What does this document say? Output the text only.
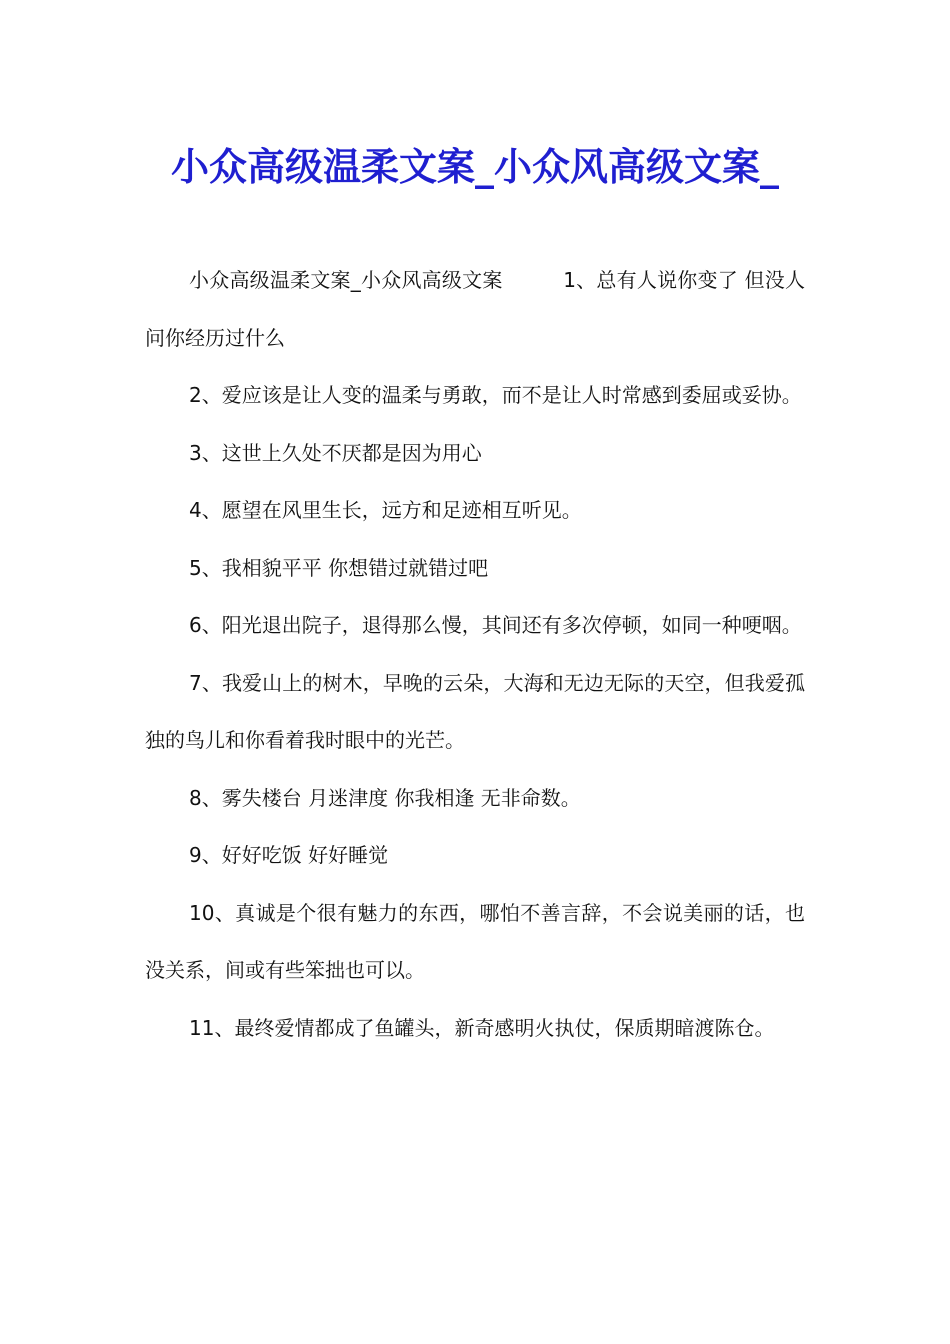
小众高级温柔文案_小众风高级文案_

小众高级温柔文案_小众风高级文案　　　1、总有人说你变了 但没人问你经历过什么

2、爱应该是让人变的温柔与勇敢，而不是让人时常感到委屈或妥协。

3、这世上久处不厌都是因为用心

4、愿望在风里生长，远方和足迹相互听见。

5、我相貌平平 你想错过就错过吧

6、阳光退出院子，退得那么慢，其间还有多次停顿，如同一种哽咽。

7、我爱山上的树木，早晚的云朵，大海和无边无际的天空，但我爱孤独的鸟儿和你看着我时眼中的光芒。

8、雾失楼台 月迷津度 你我相逢 无非命数。

9、好好吃饭 好好睡觉

10、真诚是个很有魅力的东西，哪怕不善言辞，不会说美丽的话，也没关系，间或有些笨拙也可以。

11、最终爱情都成了鱼罐头，新奇感明火执仗，保质期暗渡陈仓。
